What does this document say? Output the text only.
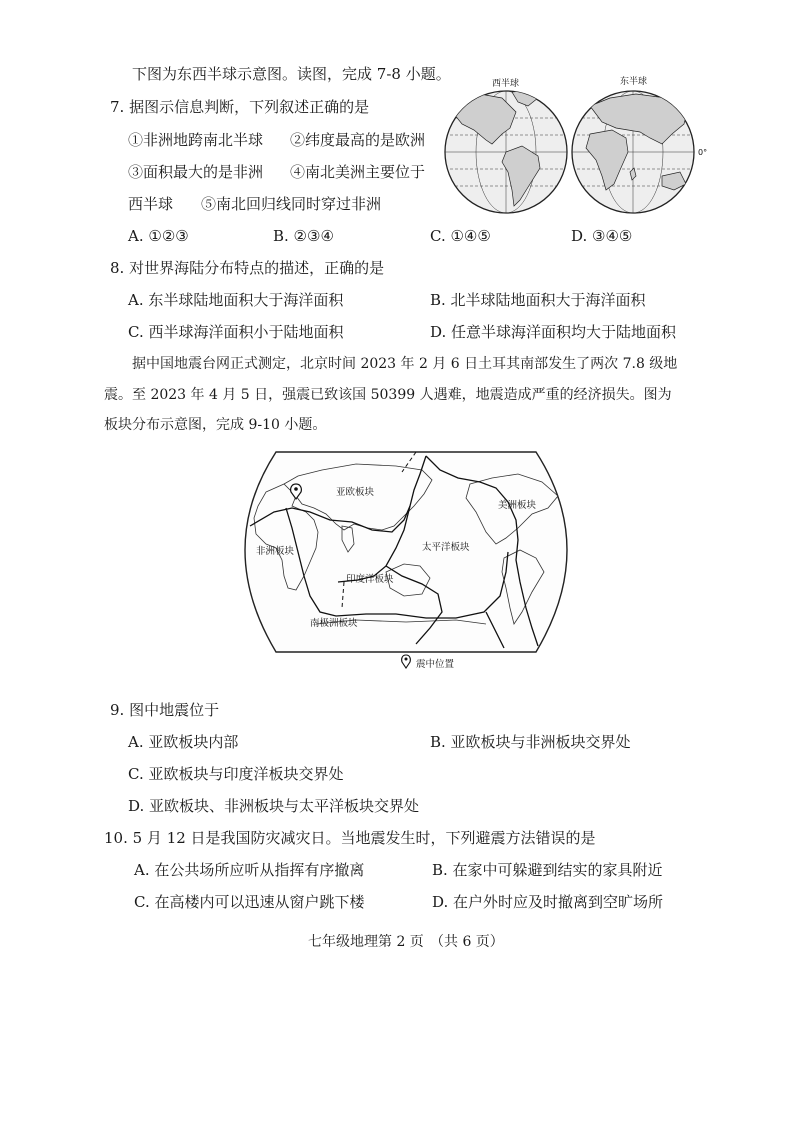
下图为东西半球示意图。读图，完成 7-8 小题。
7. 据图示信息判断，下列叙述正确的是
①非洲地跨南北半球 ②纬度最高的是欧洲
③面积最大的是非洲 ④南北美洲主要位于
西半球 ⑤南北回归线同时穿过非洲
A. ①②③	B. ②③④	C. ①④⑤	D. ③④⑤
西半球	东半球
0°
8. 对世界海陆分布特点的描述，正确的是
A. 东半球陆地面积大于海洋面积	B. 北半球陆地面积大于海洋面积
C. 西半球海洋面积小于陆地面积	D. 任意半球海洋面积均大于陆地面积
据中国地震台网正式测定，北京时间 2023 年 2 月 6 日土耳其南部发生了两次 7.8 级地
震。至 2023 年 4 月 5 日，强震已致该国 50399 人遇难，地震造成严重的经济损失。图为
板块分布示意图，完成 9-10 小题。
亚欧板块
美洲板块
非洲板块	太平洋板块
印度洋板块
南极洲板块
震中位置
9. 图中地震位于
A. 亚欧板块内部	B. 亚欧板块与非洲板块交界处
C. 亚欧板块与印度洋板块交界处
D. 亚欧板块、非洲板块与太平洋板块交界处
10. 5 月 12 日是我国防灾减灾日。当地震发生时，下列避震方法错误的是
A. 在公共场所应听从指挥有序撤离	B. 在家中可躲避到结实的家具附近
C. 在高楼内可以迅速从窗户跳下楼	D. 在户外时应及时撤离到空旷场所
七年级地理第 2 页 （共 6 页）
